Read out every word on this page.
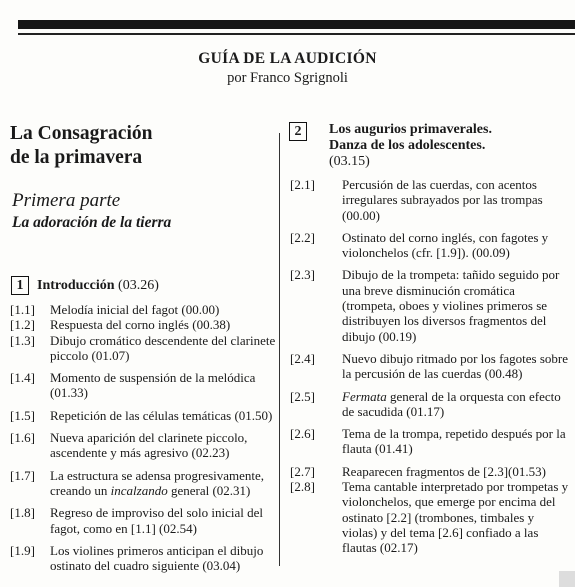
GUÍA DE LA AUDICIÓN
por Franco Sgrignoli
La Consagración
de la primavera
Primera parte
La adoración de la tierra
1 Introducción (03.26)
[1.1] Melodía inicial del fagot (00.00)
[1.2] Respuesta del corno inglés (00.38)
[1.3] Dibujo cromático descendente del clarinete piccolo (01.07)
[1.4] Momento de suspensión de la melódica (01.33)
[1.5] Repetición de las células temáticas (01.50)
[1.6] Nueva aparición del clarinete piccolo, ascendente y más agresivo (02.23)
[1.7] La estructura se adensa progresivamente, creando un incalzando general (02.31)
[1.8] Regreso de improviso del solo inicial del fagot, como en [1.1] (02.54)
[1.9] Los violines primeros anticipan el dibujo ostinato del cuadro siguiente (03.04)
2	Los augurios primaverales.
Danza de los adolescentes.
(03.15)
[2.1] Percusión de las cuerdas, con acentos irregulares subrayados por las trompas (00.00)
[2.2] Ostinato del corno inglés, con fagotes y violonchelos (cfr. [1.9]). (00.09)
[2.3] Dibujo de la trompeta: tañido seguido por una breve disminución cromática (trompeta, oboes y violines primeros se distribuyen los diversos fragmentos del dibujo (00.19)
[2.4] Nuevo dibujo ritmado por los fagotes sobre la percusión de las cuerdas (00.48)
[2.5] Fermata general de la orquesta con efecto de sacudida (01.17)
[2.6] Tema de la trompa, repetido después por la flauta (01.41)
[2.7] Reaparecen fragmentos de [2.3](01.53)
[2.8] Tema cantable interpretado por trompetas y violonchelos, que emerge por encima del ostinato [2.2] (trombones, timbales y violas) y del tema [2.6] confiado a las flautas (02.17)
